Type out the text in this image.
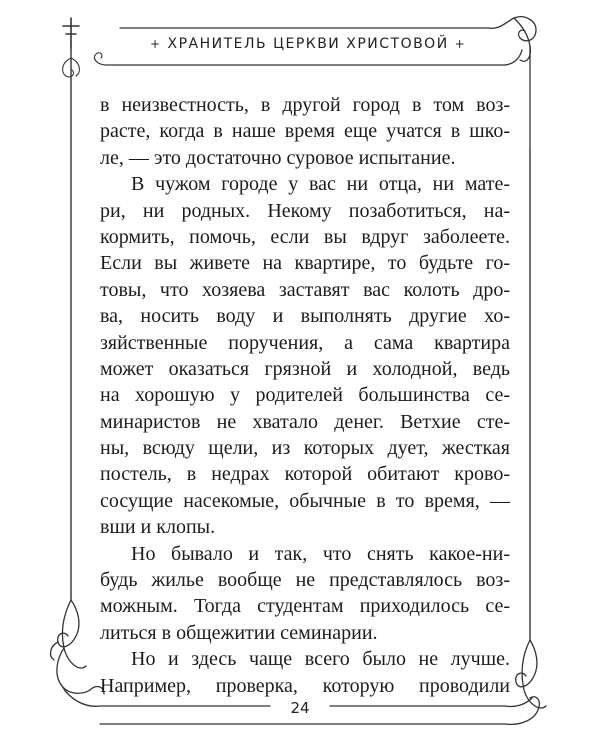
+ ХРАНИТЕЛЬ ЦЕРКВИ ХРИСТОВОЙ +
в неизвестность, в другой город в том воз-
расте, когда в наше время еще учатся в шко-
ле, — это достаточно суровое испытание.
В чужом городе у вас ни отца, ни мате-
ри, ни родных. Некому позаботиться, на-
кормить, помочь, если вы вдруг заболеете.
Если вы живете на квартире, то будьте го-
товы, что хозяева заставят вас колоть дро-
ва, носить воду и выполнять другие хо-
зяйственные поручения, а сама квартира
может оказаться грязной и холодной, ведь
на хорошую у родителей большинства се-
минаристов не хватало денег. Ветхие сте-
ны, всюду щели, из которых дует, жесткая
постель, в недрах которой обитают крово-
сосущие насекомые, обычные в то время, —
вши и клопы.
Но бывало и так, что снять какое-ни-
будь жилье вообще не представлялось воз-
можным. Тогда студентам приходилось се-
литься в общежитии семинарии.
Но и здесь чаще всего было не лучше.
Например, проверка, которую проводили
24
